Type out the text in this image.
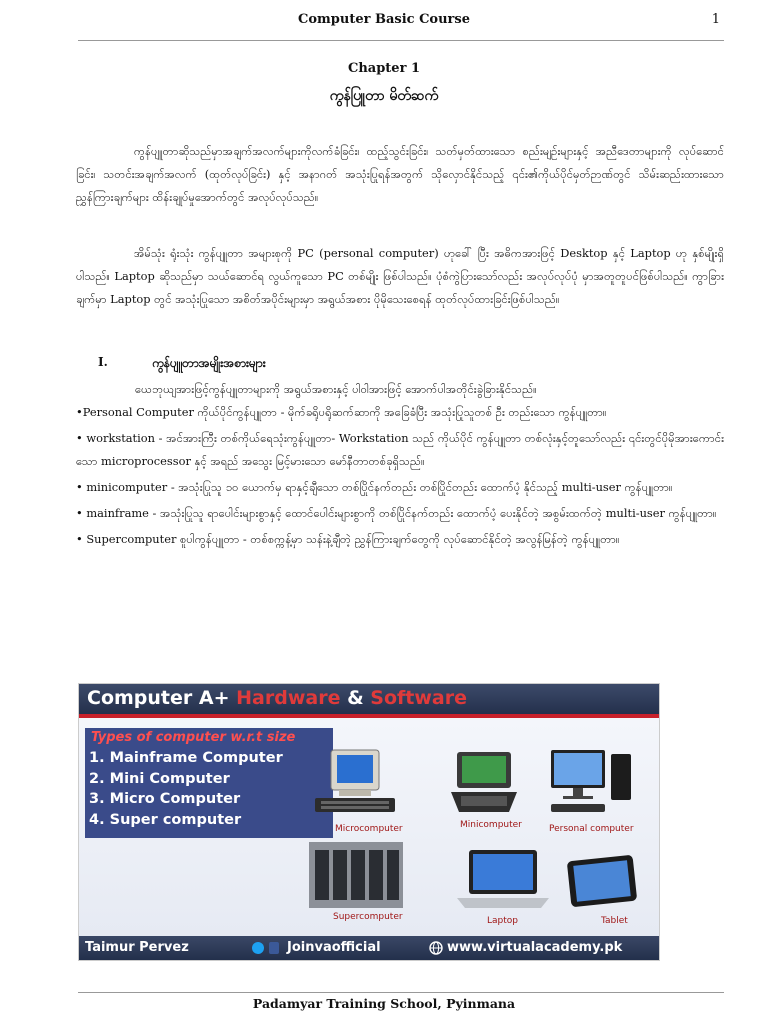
Computer Basic Course	1
Chapter 1
ကွန်ပြူတာ မိတ်ဆက်

ကွန်ပျူတာဆိုသည်မှာအချက်အလက်များကိုလက်ခံခြင်း၊ ထည့်သွင်းခြင်း၊ သတ်မှတ်ထားသော စည်းမျဉ်းများနှင့် အညီဒေတာများကို လုပ်ဆောင်ခြင်း၊ သတင်းအချက်အလက် (ထုတ်လုပ်ခြင်း) နှင့် အနာဂတ် အသုံးပြုရန်အတွက် သိုလှောင်နိုင်သည့် ၎င်း၏ကိုယ်ပိုင်မှတ်ဉာဏ်တွင် သိမ်းဆည်းထားသော ညွှန်ကြားချက်များ ထိန်းချုပ်မှုအောက်တွင် အလုပ်လုပ်သည်။

အိမ်သုံး ရုံးသုံး ကွန်ပျူတာ အများစုကို PC (personal computer) ဟုခေါ် ပြီး အဓိကအားဖြင့် Desktop နှင့် Laptop ဟု နှစ်မျိုးရှိပါသည်။ Laptop ဆိုသည်မှာ သယ်ဆောင်ရ လွယ်ကူသော PC တစ်မျိုး ဖြစ်ပါသည်။ ပုံစံကွဲပြားသော်လည်း အလုပ်လုပ်ပုံ မှာအတူတူပင်ဖြစ်ပါသည်။ ကွာခြားချက်မှာ Laptop တွင် အသုံးပြုသော အစိတ်အပိုင်းများမှာ အရွယ်အစား ပိုမိုသေးစေရန် ထုတ်လုပ်ထားခြင်းဖြစ်ပါသည်။

I.	ကွန်ပျူတာအမျိုးအစားများ
ယေဘုယျအားဖြင့်ကွန်ပျူတာများကို အရွယ်အစားနှင့် ပါဝါအားဖြင့် အောက်ပါအတိုင်းခွဲခြားနိုင်သည်။

•Personal Computer ကိုယ်ပိုင်ကွန်ပျူတာ - မိုက်ခရိုပရိုဆက်ဆာကို အခြေခံပြီး အသုံးပြုသူတစ် ဦး တည်းသော ကွန်ပျူတာ။

• workstation - အင်အားကြီး တစ်ကိုယ်ရေသုံးကွန်ပျူတာ- Workstation သည် ကိုယ်ပိုင် ကွန်ပျူတာ တစ်လုံးနှင့်တူသော်လည်း ၎င်းတွင်ပိုမိုအားကောင်းသော microprocessor နှင့် အရည် အသွေး မြင့်မားသော မော်နီတာတစ်ခုရှိသည်။

• minicomputer - အသုံးပြုသူ ၁၀ ယောက်မှ ရာနှင့်ချီသော တစ်ပြိုင်နက်တည်း တစ်ပြိုင်တည်း ထောက်ပံ့ နိုင်သည့် multi-user ကွန်ပျူတာ။

• mainframe - အသုံးပြုသူ ရာပေါင်းများစွာနှင့် ထောင်ပေါင်းများစွာကို တစ်ပြိုင်နက်တည်း ထောက်ပံ့ ပေးနိုင်တဲ့ အစွမ်းထက်တဲ့ multi-user ကွန်ပျူတာ။

• Supercomputer စူပါကွန်ပျူတာ - တစ်စက္ကန့်မှာ သန်းနဲ့ချီတဲ့ ညွှန်ကြားချက်တွေကို လုပ်ဆောင်နိုင်တဲ့ အလွန်မြန်တဲ့ ကွန်ပျူတာ။

Computer A+ Hardware & Software
Types of computer w.r.t size
1. Mainframe Computer
2. Mini Computer
3. Micro Computer
4. Super computer
Microcomputer	Minicomputer	Personal computer
Supercomputer	Laptop	Tablet
Taimur Pervez	Joinvaofficial	www.virtualacademy.pk
Padamyar Training School, Pyinmana
